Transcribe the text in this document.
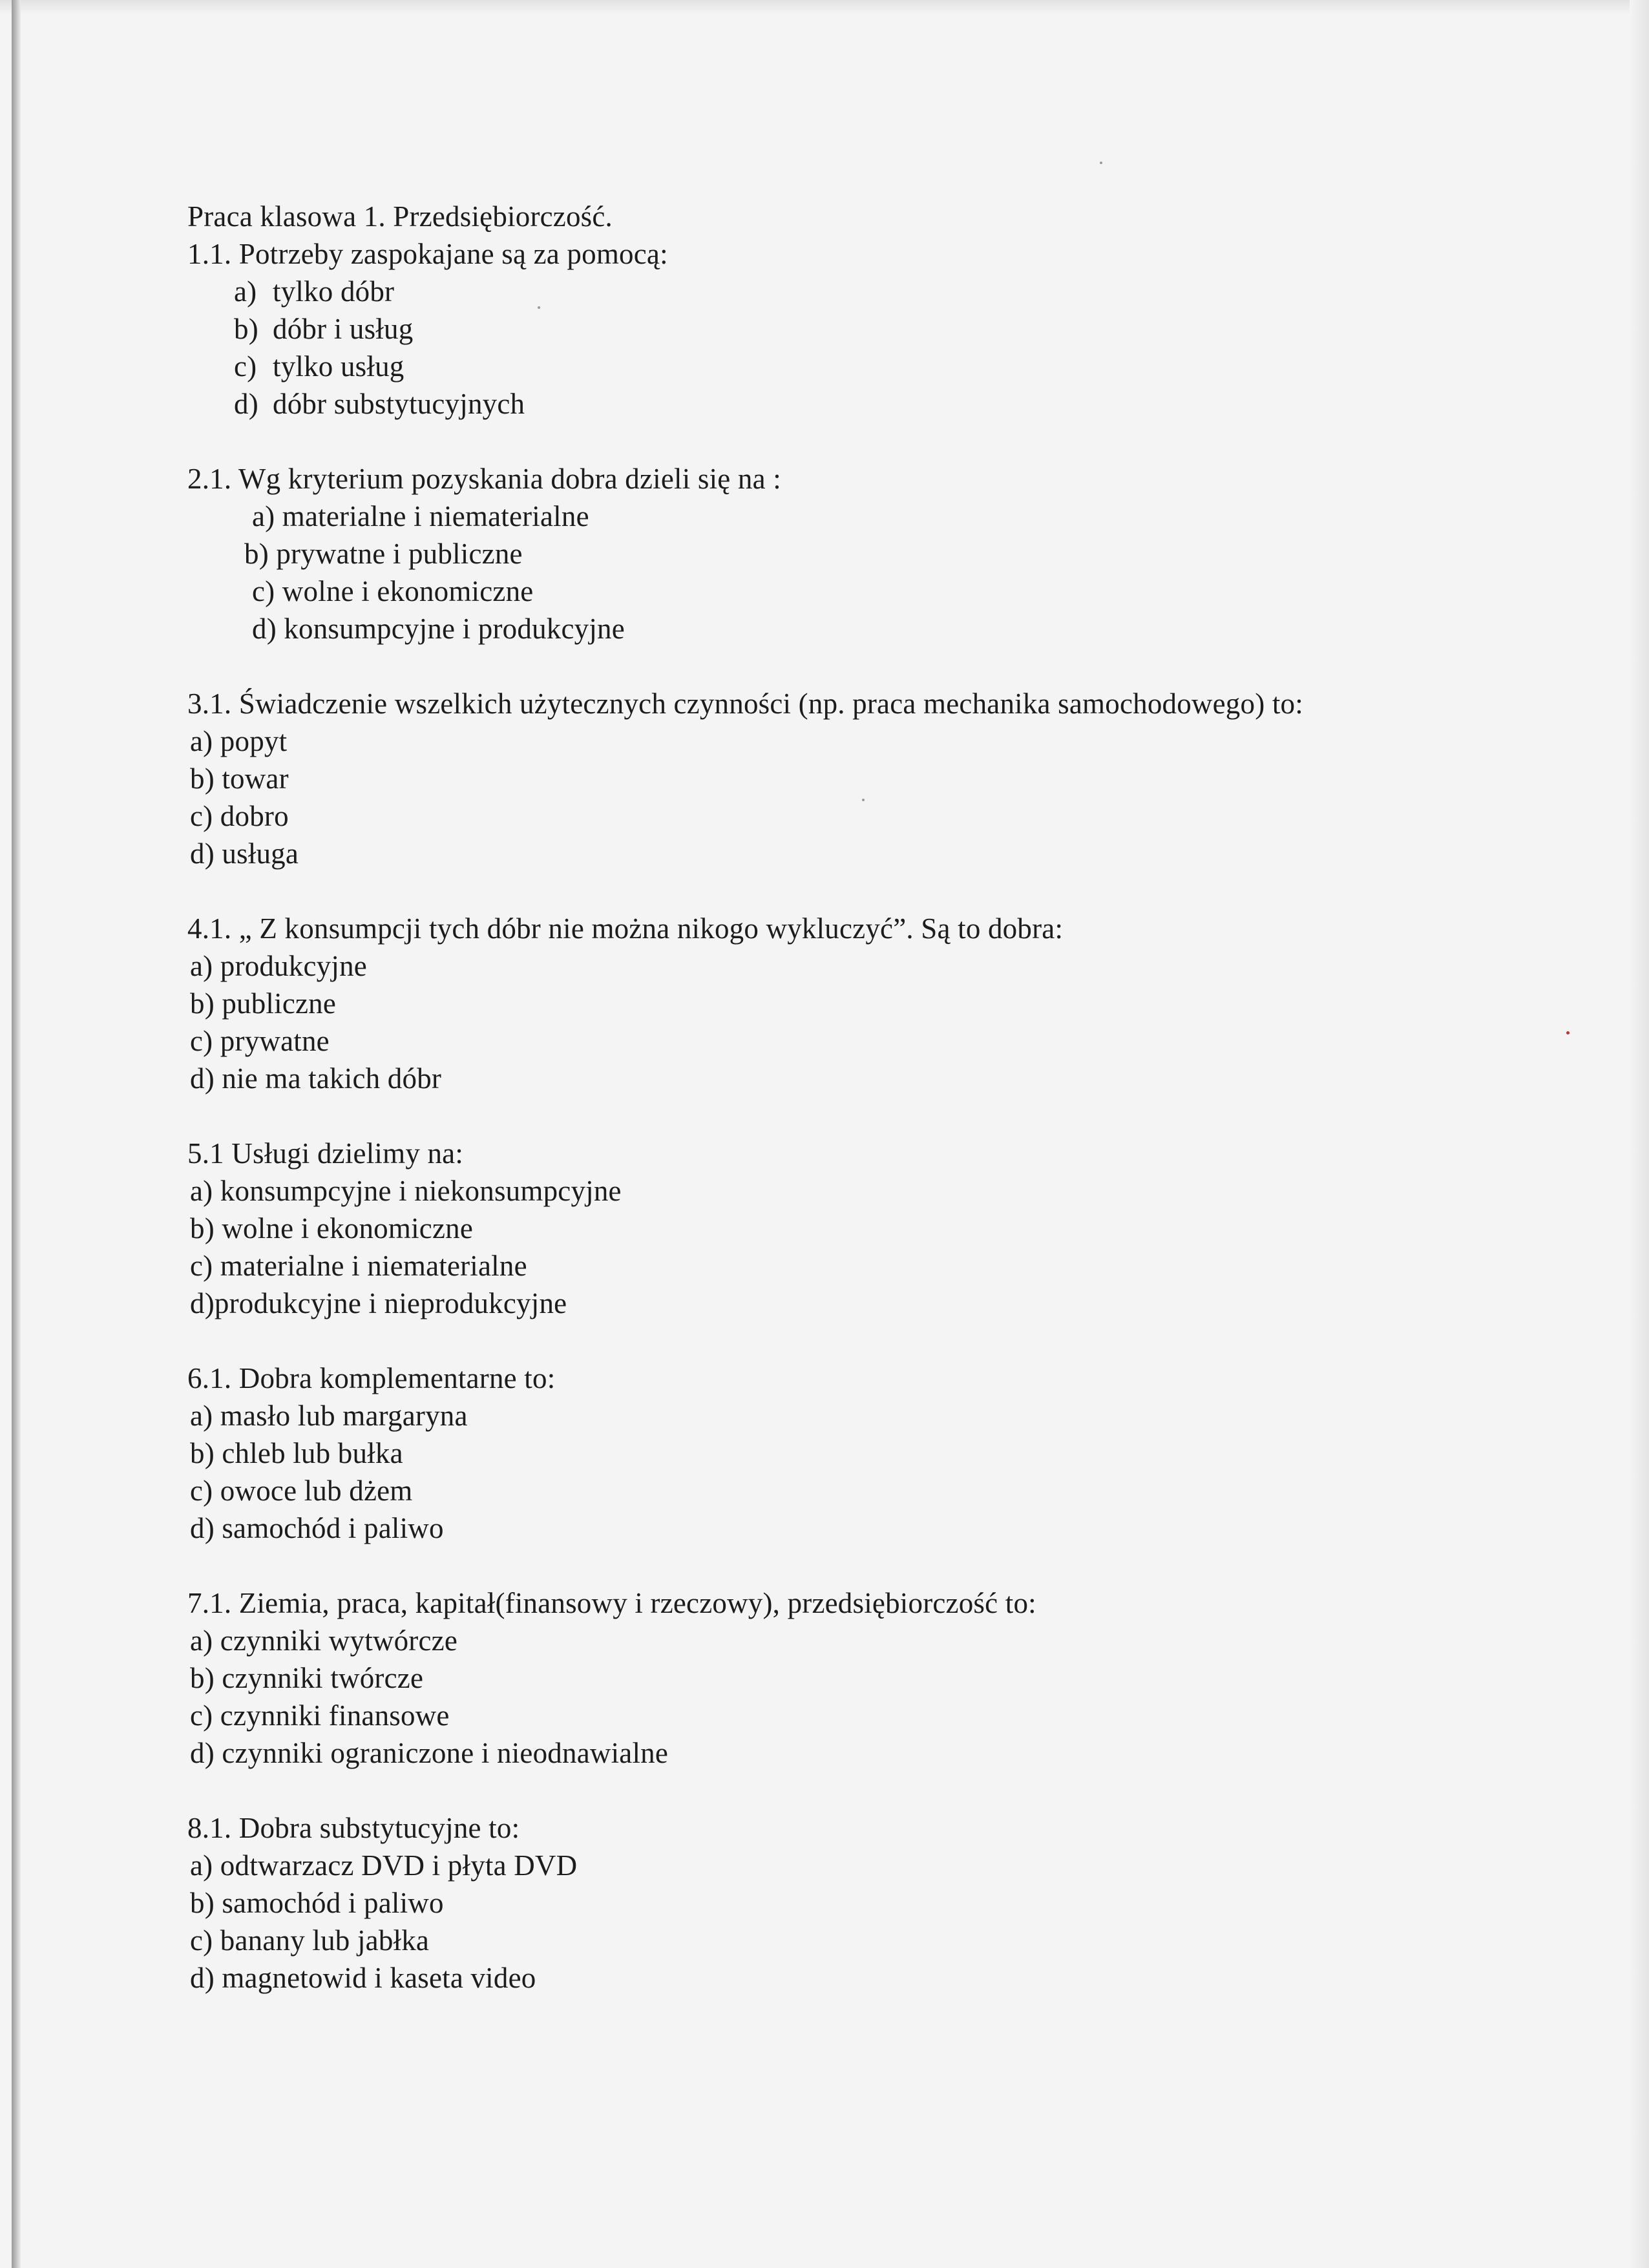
Praca klasowa 1. Przedsiębiorczość.

1.1. Potrzeby zaspokajane są za pomocą:

a) tylko dóbr
b) dóbr i usług
c) tylko usług
d) dóbr substytucyjnych

2.1. Wg kryterium pozyskania dobra dzieli się na :

a) materialne i niematerialne
b) prywatne i publiczne
c) wolne i ekonomiczne
d) konsumpcyjne i produkcyjne

3.1. Świadczenie wszelkich użytecznych czynności (np. praca mechanika samochodowego) to:

a) popyt
b) towar
c) dobro
d) usługa

4.1. „ Z konsumpcji tych dóbr nie można nikogo wykluczyć”. Są to dobra:

a) produkcyjne
b) publiczne
c) prywatne
d) nie ma takich dóbr

5.1 Usługi dzielimy na:

a) konsumpcyjne i niekonsumpcyjne
b) wolne i ekonomiczne
c) materialne i niematerialne
d)produkcyjne i nieprodukcyjne

6.1. Dobra komplementarne to:

a) masło lub margaryna
b) chleb lub bułka
c) owoce lub dżem
d) samochód i paliwo

7.1. Ziemia, praca, kapitał(finansowy i rzeczowy), przedsiębiorczość to:

a) czynniki wytwórcze
b) czynniki twórcze
c) czynniki finansowe
d) czynniki ograniczone i nieodnawialne

8.1. Dobra substytucyjne to:

a) odtwarzacz DVD i płyta DVD
b) samochód i paliwo
c) banany lub jabłka
d) magnetowid i kaseta video
